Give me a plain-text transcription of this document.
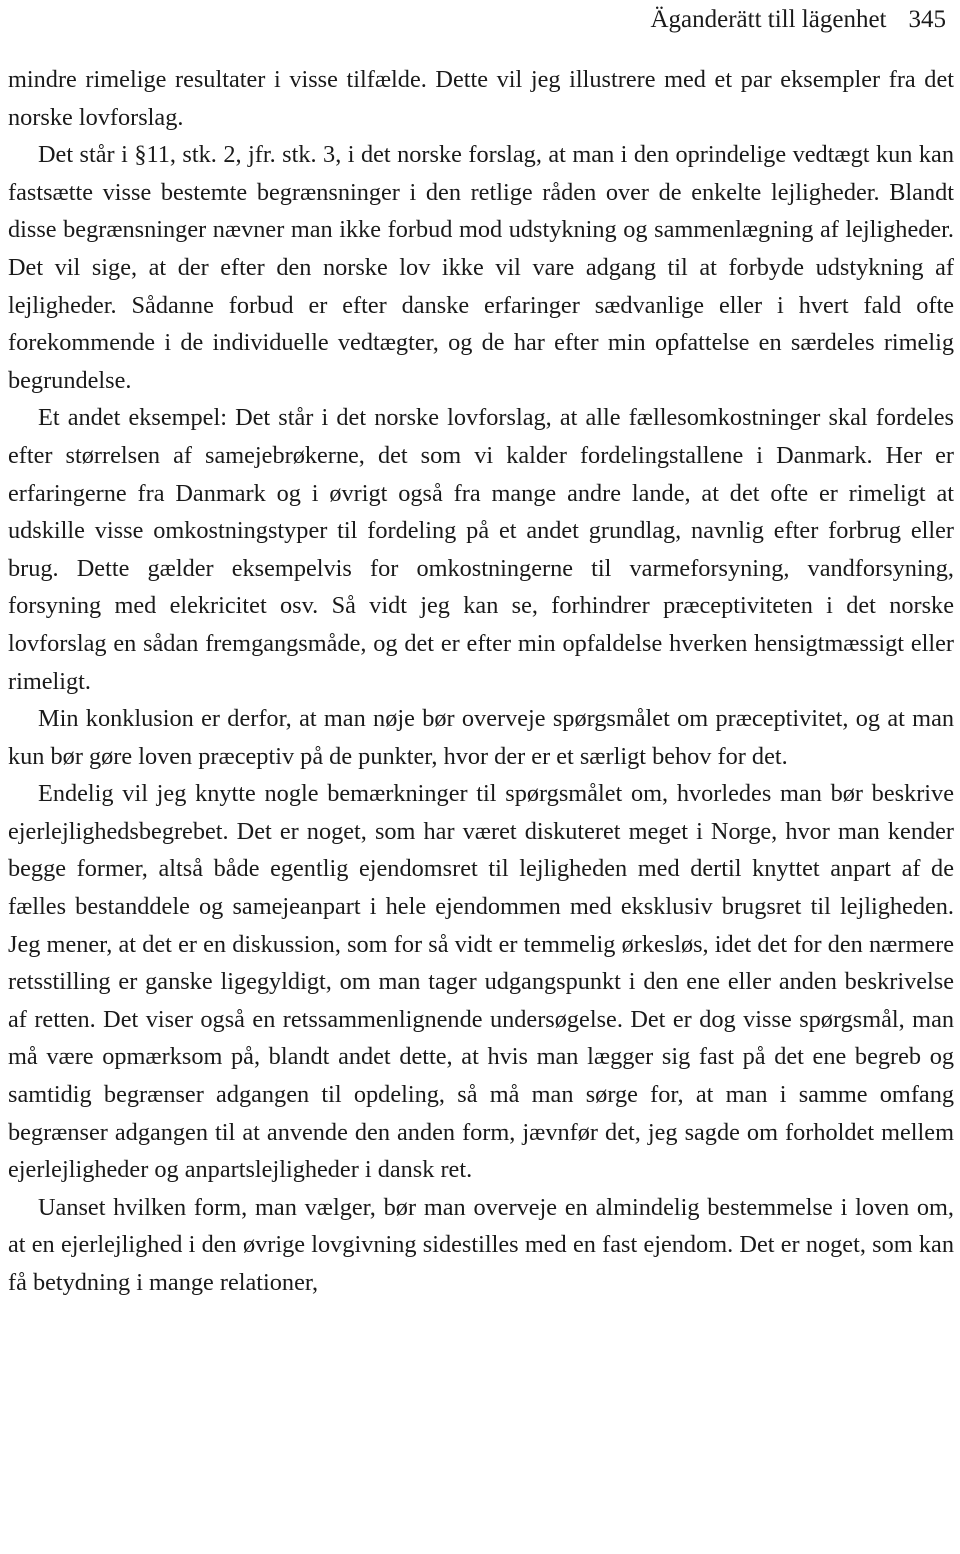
Äganderätt till lägenhet 345

mindre rimelige resultater i visse tilfælde. Dette vil jeg illustrere med et par eksempler fra det norske lovforslag.

Det står i §11, stk. 2, jfr. stk. 3, i det norske forslag, at man i den oprindelige vedtægt kun kan fastsætte visse bestemte begrænsninger i den retlige råden over de enkelte lejligheder. Blandt disse begrænsninger nævner man ikke forbud mod udstykning og sammenlægning af lejligheder. Det vil sige, at der efter den norske lov ikke vil vare adgang til at forbyde udstykning af lejligheder. Sådanne forbud er efter danske erfaringer sædvanlige eller i hvert fald ofte forekommende i de individuelle vedtægter, og de har efter min opfattelse en særdeles rimelig begrundelse.

Et andet eksempel: Det står i det norske lovforslag, at alle fællesomkostninger skal fordeles efter størrelsen af samejebrøkerne, det som vi kalder fordelingstallene i Danmark. Her er erfaringerne fra Danmark og i øvrigt også fra mange andre lande, at det ofte er rimeligt at udskille visse omkostningstyper til fordeling på et andet grundlag, navnlig efter forbrug eller brug. Dette gælder eksempelvis for omkostningerne til varmeforsyning, vandforsyning, forsyning med elekricitet osv. Så vidt jeg kan se, forhindrer præceptiviteten i det norske lovforslag en sådan fremgangsmåde, og det er efter min opfaldelse hverken hensigtmæssigt eller rimeligt.

Min konklusion er derfor, at man nøje bør overveje spørgsmålet om præceptivitet, og at man kun bør gøre loven præceptiv på de punkter, hvor der er et særligt behov for det.

Endelig vil jeg knytte nogle bemærkninger til spørgsmålet om, hvorledes man bør beskrive ejerlejlighedsbegrebet. Det er noget, som har været diskuteret meget i Norge, hvor man kender begge former, altså både egentlig ejendomsret til lejligheden med dertil knyttet anpart af de fælles bestanddele og samejeanpart i hele ejendommen med eksklusiv brugsret til lejligheden. Jeg mener, at det er en diskussion, som for så vidt er temmelig ørkesløs, idet det for den nærmere retsstilling er ganske ligegyldigt, om man tager udgangspunkt i den ene eller anden beskrivelse af retten. Det viser også en retssammenlignende undersøgelse. Det er dog visse spørgsmål, man må være opmærksom på, blandt andet dette, at hvis man lægger sig fast på det ene begreb og samtidig begrænser adgangen til opdeling, så må man sørge for, at man i samme omfang begrænser adgangen til at anvende den anden form, jævnfør det, jeg sagde om forholdet mellem ejerlejligheder og anpartslejligheder i dansk ret.

Uanset hvilken form, man vælger, bør man overveje en almindelig bestemmelse i loven om, at en ejerlejlighed i den øvrige lovgivning sidestilles med en fast ejendom. Det er noget, som kan få betydning i mange relationer,
